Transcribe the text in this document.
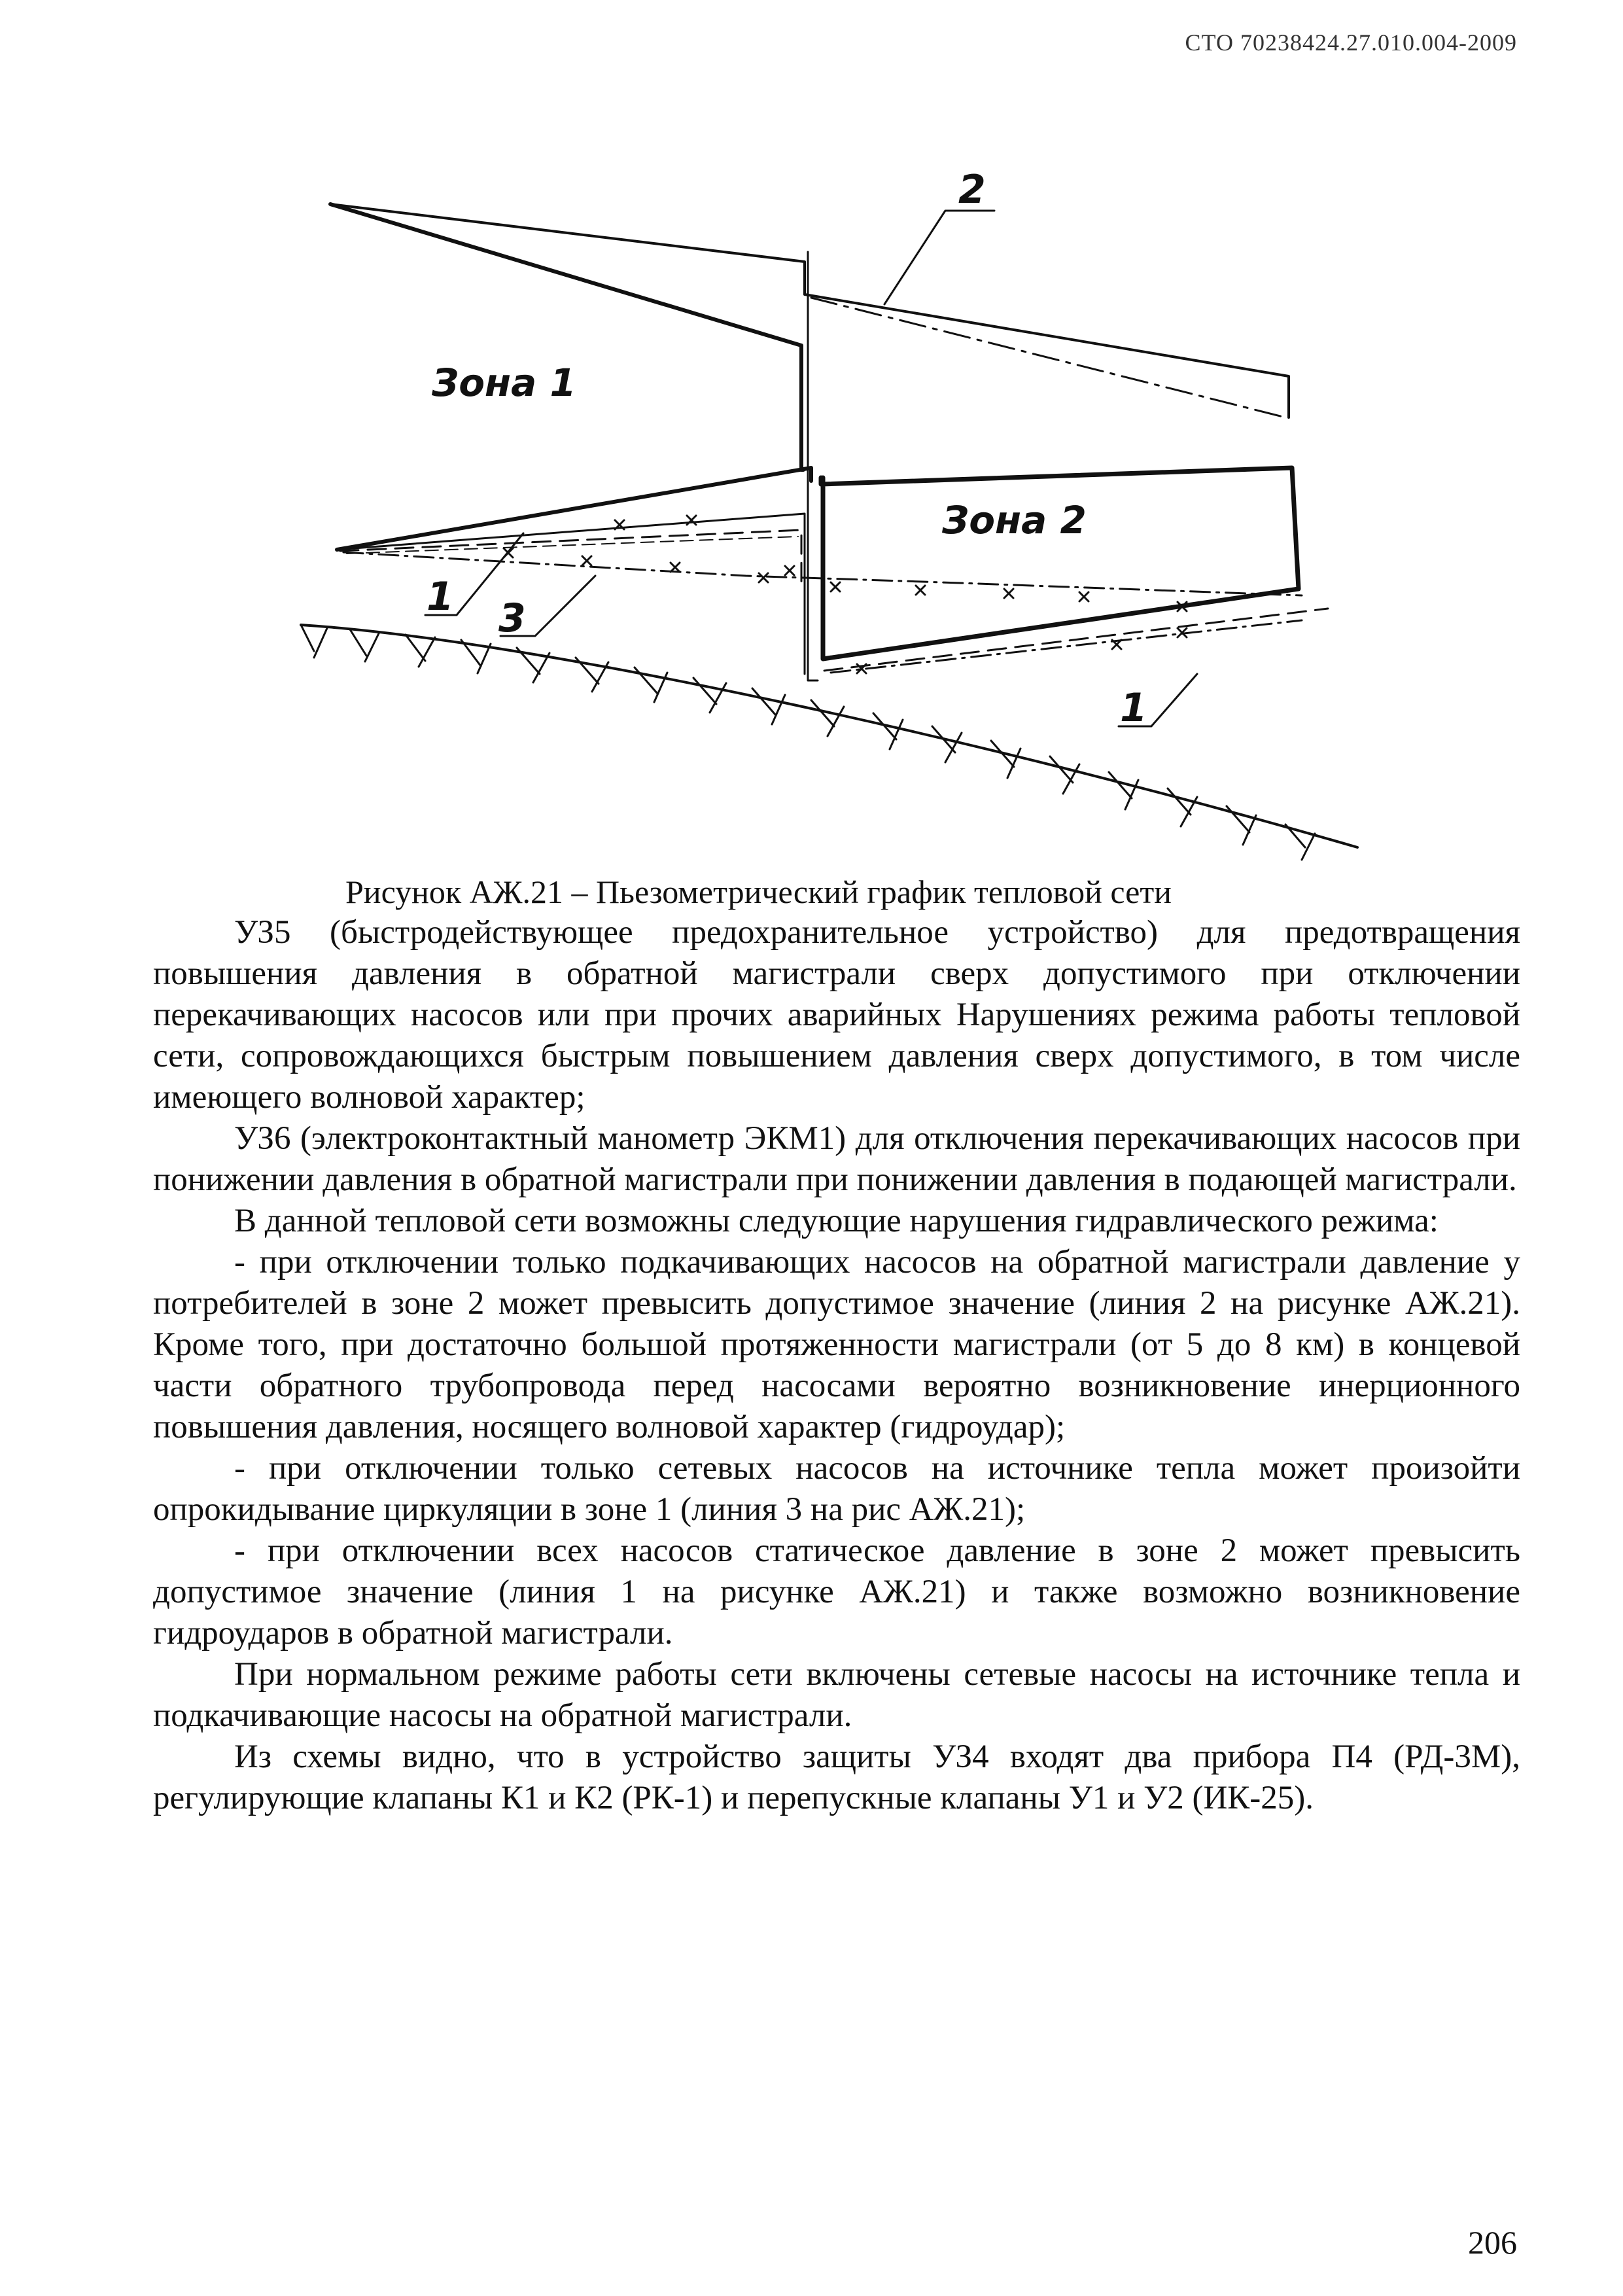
СТО 70238424.27.010.004-2009
Зона 1
Зона 2
2
1 3
1
Рисунок АЖ.21 – Пьезометрический график тепловой сети

УЗ5 (быстродействующее предохранительное устройство) для предотвращения повышения давления в обратной магистрали сверх допустимого при отключении перекачивающих насосов или при прочих аварийных Нарушениях режима работы тепловой сети, сопровождающихся быстрым повышением давления сверх допустимого, в том числе имеющего волновой характер;

УЗ6 (электроконтактный манометр ЭКМ1) для отключения перекачивающих насосов при понижении давления в обратной магистрали при понижении давления в подающей магистрали.

В данной тепловой сети возможны следующие нарушения гидравлического режима:

- при отключении только подкачивающих насосов на обратной магистрали давление у потребителей в зоне 2 может превысить допустимое значение (линия 2 на рисунке АЖ.21). Кроме того, при достаточно большой протяженности магистрали (от 5 до 8 км) в концевой части обратного трубопровода перед насосами вероятно возникновение инерционного повышения давления, носящего волновой характер (гидроудар);

- при отключении только сетевых насосов на источнике тепла может произойти опрокидывание циркуляции в зоне 1 (линия 3 на рис АЖ.21);

- при отключении всех насосов статическое давление в зоне 2 может превысить допустимое значение (линия 1 на рисунке АЖ.21) и также возможно возникновение гидроударов в обратной магистрали.

При нормальном режиме работы сети включены сетевые насосы на источнике тепла и подкачивающие насосы на обратной магистрали.

Из схемы видно, что в устройство защиты УЗ4 входят два прибора П4 (РД-3М), регулирующие клапаны К1 и К2 (РК-1) и перепускные клапаны У1 и У2 (ИК-25).

206
